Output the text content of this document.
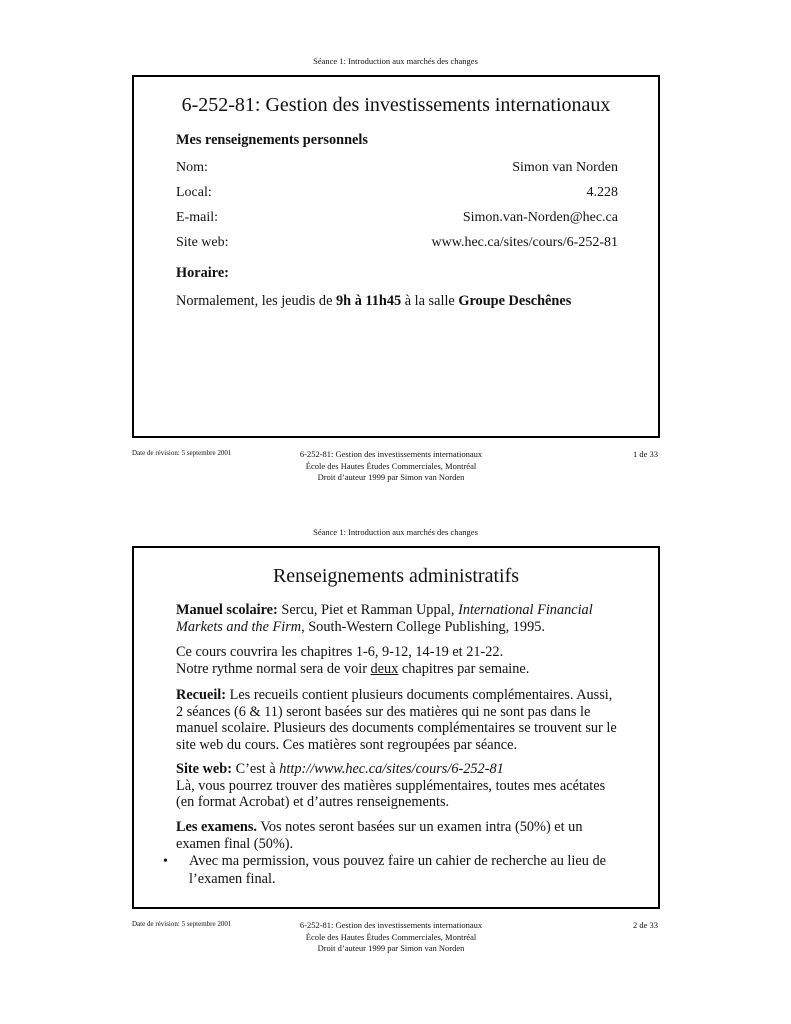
Séance 1: Introduction aux marchés des changes
6-252-81: Gestion des investissements internationaux
Mes renseignements personnels
Nom:	Simon van Norden
Local:	4.228
E-mail:	Simon.van-Norden@hec.ca
Site web:	www.hec.ca/sites/cours/6-252-81
Horaire:
Normalement, les jeudis de 9h à 11h45 à la salle Groupe Deschênes
Date de révision: 5 septembre 2001	6-252-81: Gestion des investissements internationaux
École des Hautes Études Commerciales, Montréal
Droit d’auteur 1999 par Simon van Norden
1 de 33
Séance 1: Introduction aux marchés des changes
Renseignements administratifs
Manuel scolaire: Sercu, Piet et Ramman Uppal, International Financial Markets and the Firm, South-Western College Publishing, 1995.
Ce cours couvrira les chapitres 1-6, 9-12, 14-19 et 21-22.
Notre rythme normal sera de voir deux chapitres par semaine.
Recueil: Les recueils contient plusieurs documents complémentaires. Aussi, 2 séances (6 & 11) seront basées sur des matières qui ne sont pas dans le manuel scolaire. Plusieurs des documents complémentaires se trouvent sur le site web du cours. Ces matières sont regroupées par séance.
Site web: C’est à http://www.hec.ca/sites/cours/6-252-81
Là, vous pourrez trouver des matières supplémentaires, toutes mes acétates (en format Acrobat) et d’autres renseignements.
Les examens. Vos notes seront basées sur un examen intra (50%) et un examen final (50%).
• Avec ma permission, vous pouvez faire un cahier de recherche au lieu de l’examen final.
Date de révision: 5 septembre 2001	6-252-81: Gestion des investissements internationaux
École des Hautes Études Commerciales, Montréal
Droit d’auteur 1999 par Simon van Norden
2 de 33
